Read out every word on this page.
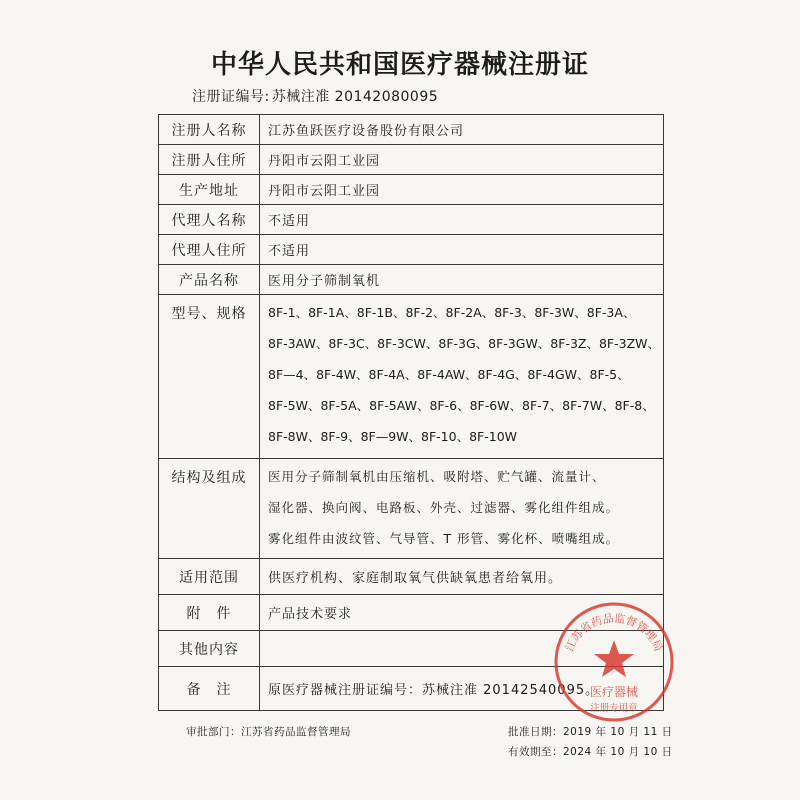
中华人民共和国医疗器械注册证
注册证编号: 苏械注准 20142080095
注册人名称	江苏鱼跃医疗设备股份有限公司
注册人住所	丹阳市云阳工业园
生产地址	丹阳市云阳工业园
代理人名称	不适用
代理人住所	不适用
产品名称	医用分子筛制氧机
型号、规格	8F-1、8F-1A、8F-1B、8F-2、8F-2A、8F-3、8F-3W、8F-3A、
8F-3AW、8F-3C、8F-3CW、8F-3G、8F-3GW、8F-3Z、8F-3ZW、
8F—4、8F-4W、8F-4A、8F-4AW、8F-4G、8F-4GW、8F-5、
8F-5W、8F-5A、8F-5AW、8F-6、8F-6W、8F-7、8F-7W、8F-8、
8F-8W、8F-9、8F—9W、8F-10、8F-10W

结构及组成	医用分子筛制氧机由压缩机、吸附塔、贮气罐、流量计、
湿化器、换向阀、电路板、外壳、过滤器、雾化组件组成。
雾化组件由波纹管、气导管、T 形管、雾化杯、喷嘴组成。

适用范围	供医疗机构、家庭制取氧气供缺氧患者给氧用。
附　件	产品技术要求
其他内容	
备　注	原医疗器械注册证编号：苏械注准 20142540095。
审批部门：江苏省药品监督管理局	批准日期：2019 年 10 月 11 日
有效期至：2024 年 10 月 10 日
江苏省药品监督管理局
医疗器械
注册专用章
